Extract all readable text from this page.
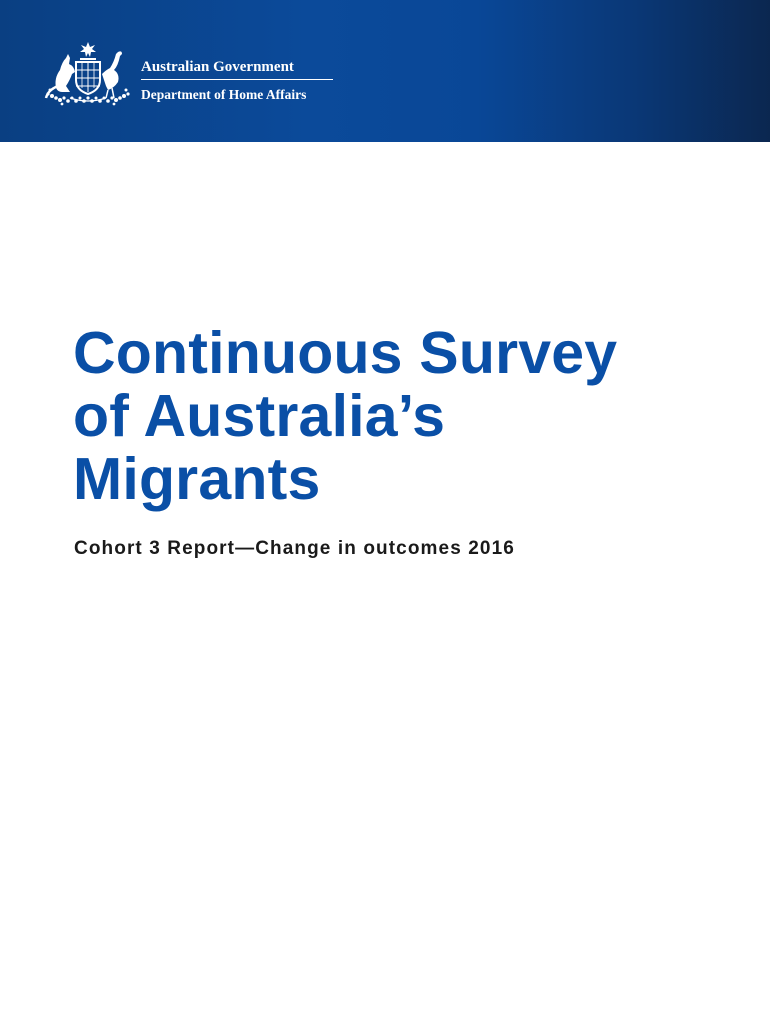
Australian Government
Department of Home Affairs
Continuous Survey
of Australia’s
Migrants

Cohort 3 Report—Change in outcomes 2016
